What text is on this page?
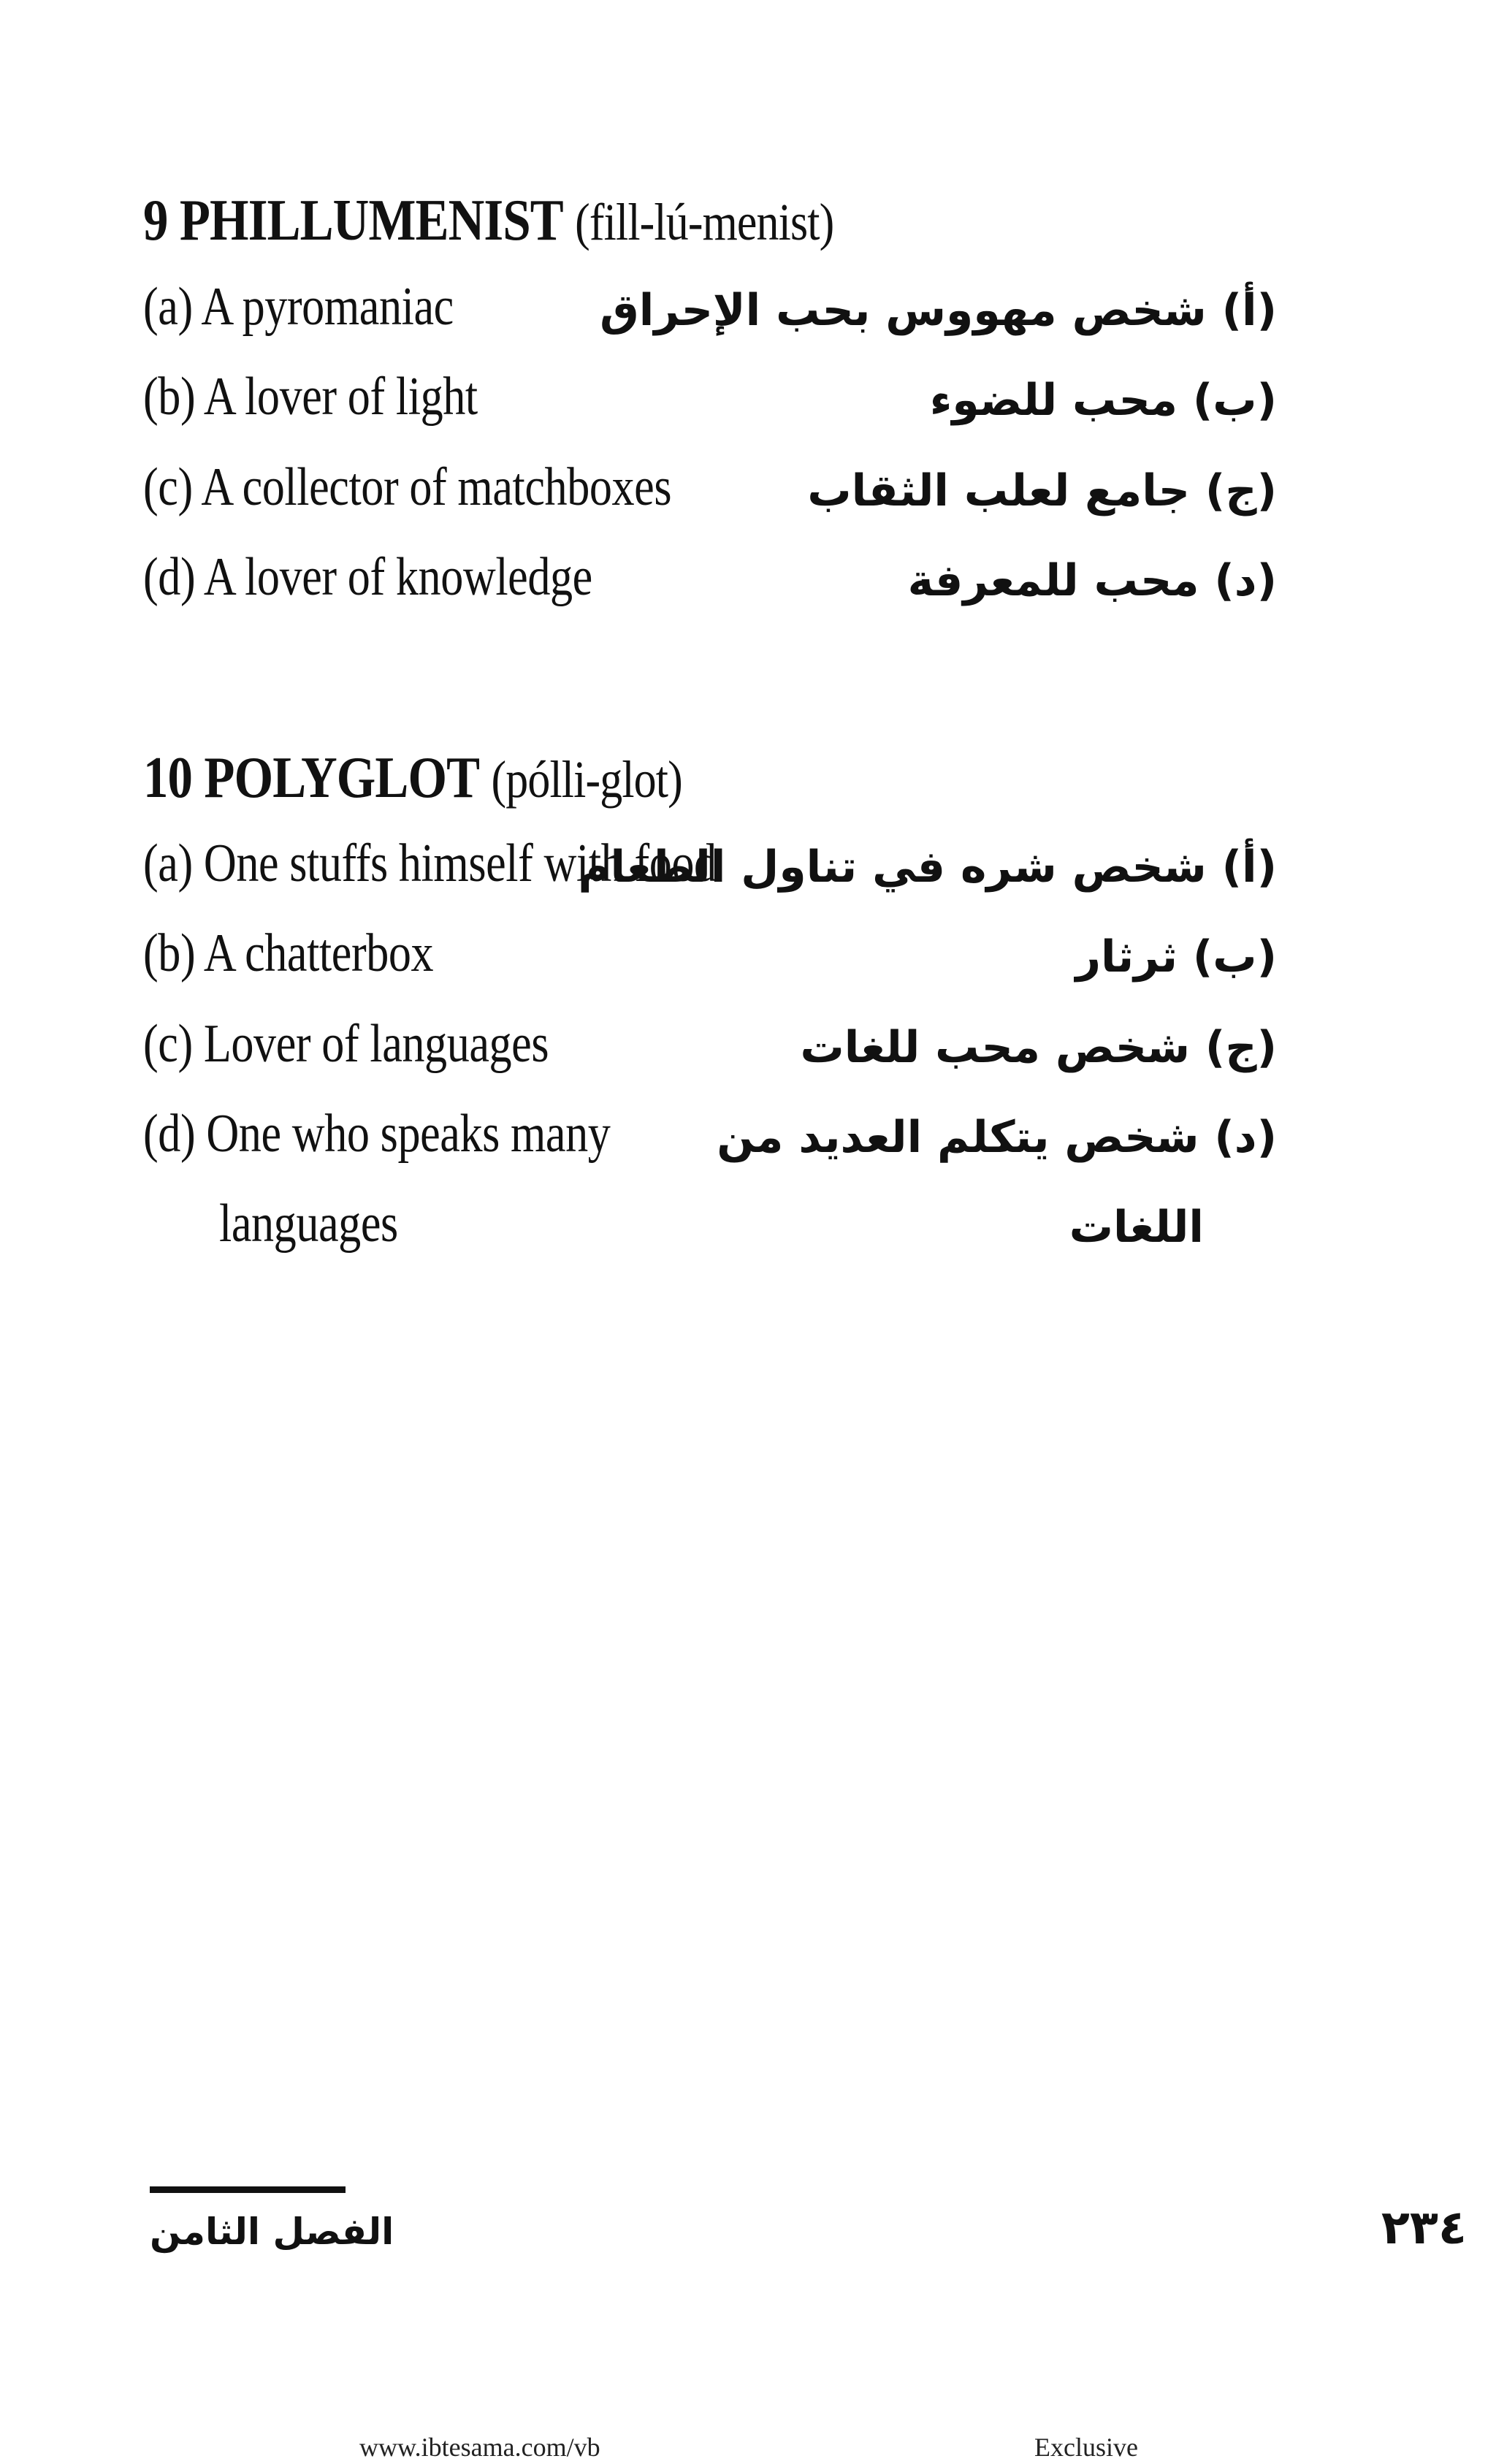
9 PHILLUMENIST (fill-lú-menist)
(a) A pyromaniac	(أ) شخص مهووس بحب الإحراق
(b) A lover of light	(ب) محب للضوء
(c) A collector of matchboxes	(ج) جامع لعلب الثقاب
(d) A lover of knowledge	(د) محب للمعرفة
10 POLYGLOT (pólli-glot)
(a) One stuffs himself with food
(أ) شخص شره في تناول الطعام
(b) A chatterbox	(ب) ثرثار
(c) Lover of languages	(ج) شخص محب للغات
(d) One who speaks many (د) شخص يتكلم العديد من
languages	اللغات
الفصل الثامن	٢٣٤
www.ibtesama.com/vb	Exclusive
